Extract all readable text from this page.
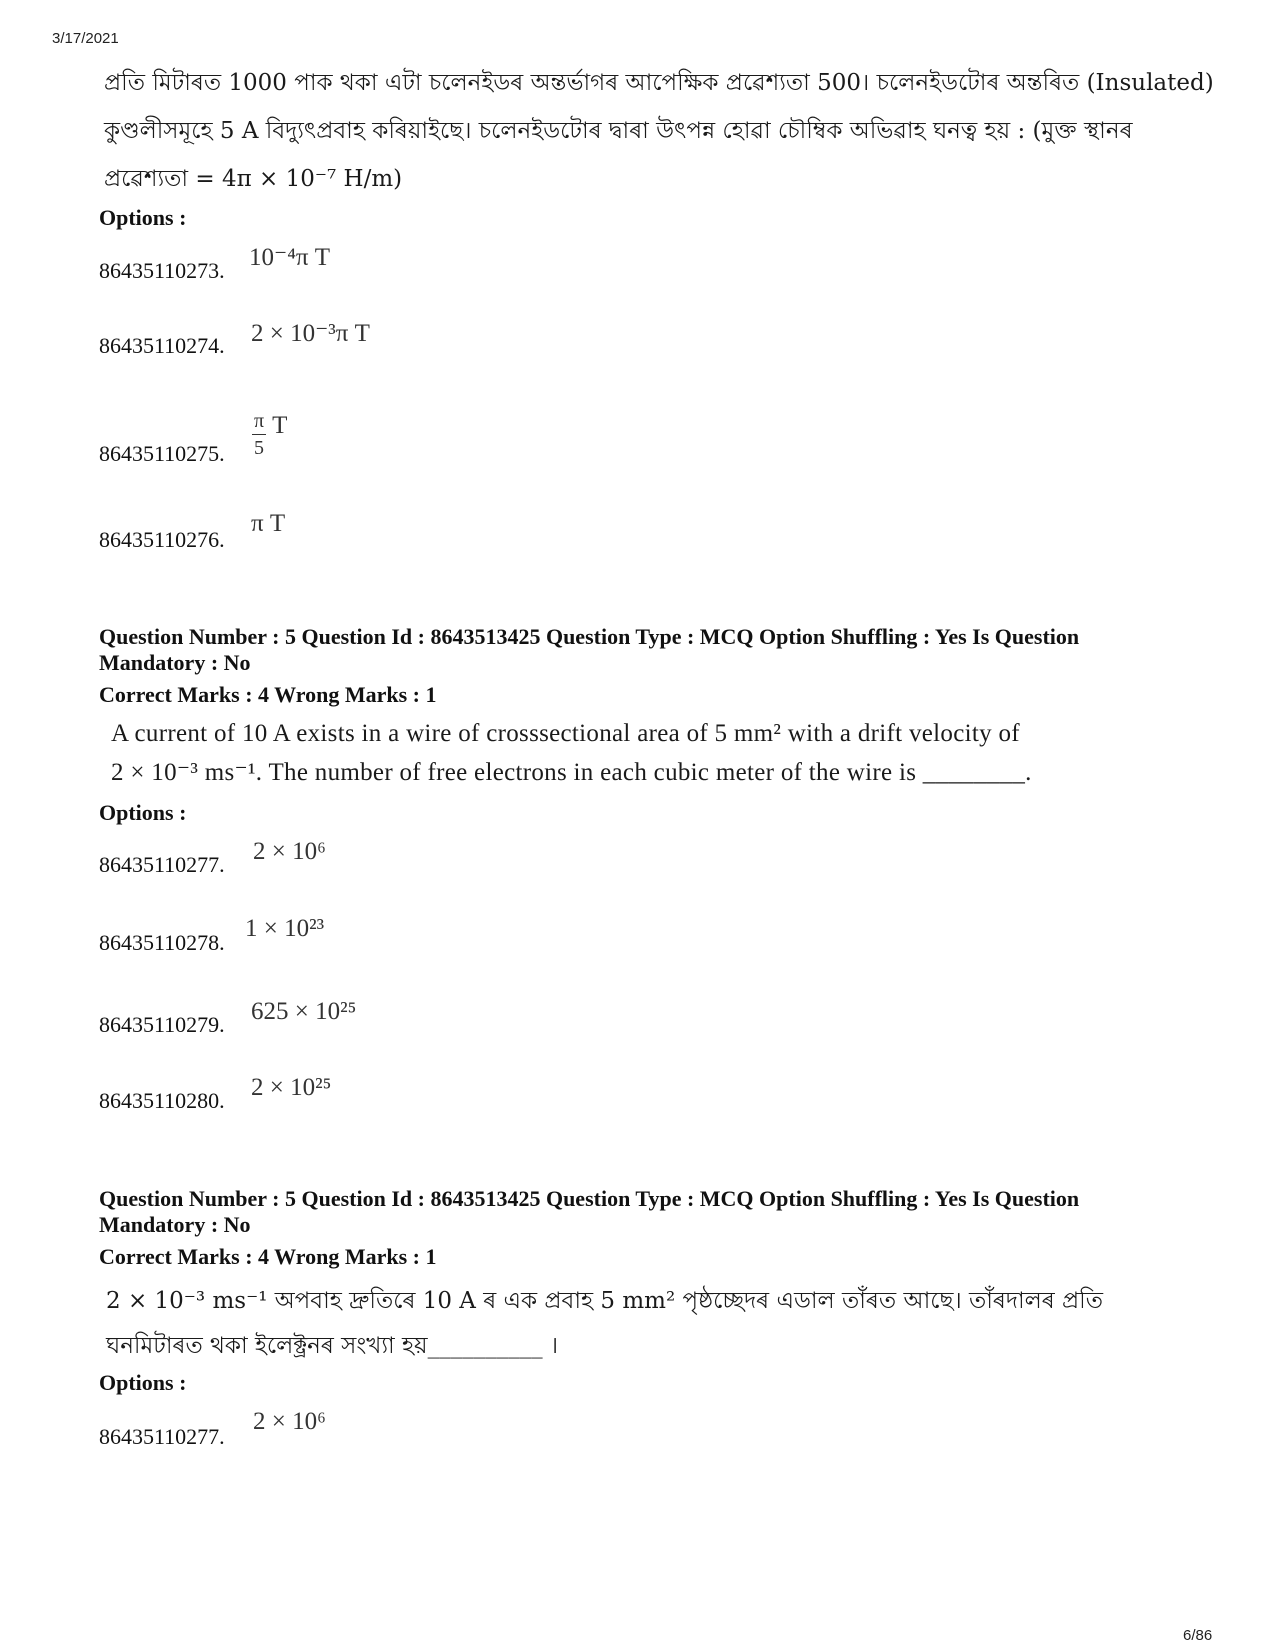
3/17/2021
6/86
প্ৰতি মিটাৰত 1000 পাক থকা এটা চলেনইডৰ অন্তৰ্ভাগৰ আপেক্ষিক প্ৰৱেশ্যতা 500। চলেনইডটোৰ অন্তৰিত (Insulated)
কুণ্ডলীসমূহে 5 A বিদ্যুৎপ্ৰবাহ কৰিয়াইছে। চলেনইডটোৰ দ্বাৰা উৎপন্ন হোৱা চৌম্বিক অভিৱাহ ঘনত্ব হয় : (মুক্ত স্থানৰ
প্ৰৱেশ্যতা = 4π × 10⁻⁷ H/m)
Options :
86435110273. 10⁻⁴π T
86435110274. 2 × 10⁻³π T
86435110275. $\frac{\pi}{5}$ T
86435110276.
π T
Question Number : 5 Question Id : 8643513425 Question Type : MCQ Option Shuffling : Yes Is Question
Mandatory : No
Correct Marks : 4 Wrong Marks : 1
A current of 10 A exists in a wire of crosssectional area of 5 mm² with a drift velocity of
2 × 10⁻³ ms⁻¹. The number of free electrons in each cubic meter of the wire is ________.
Options :
86435110277. 2 × 10⁶
86435110278.
1 × 10²³
86435110279. 625 × 10²⁵
86435110280. 2 × 10²⁵
Question Number : 5 Question Id : 8643513425 Question Type : MCQ Option Shuffling : Yes Is Question
Mandatory : No
Correct Marks : 4 Wrong Marks : 1
2 × 10⁻³ ms⁻¹ অপবাহ দ্ৰুতিৰে 10 A ৰ এক প্ৰবাহ 5 mm² পৃষ্ঠচ্ছেদৰ এডাল তাঁৰত আছে। তাঁৰদালৰ প্ৰতি
ঘনমিটাৰত থকা ইলেক্ট্ৰনৰ সংখ্যা হয়__________ ।
Options :
86435110277.
2 × 10⁶
